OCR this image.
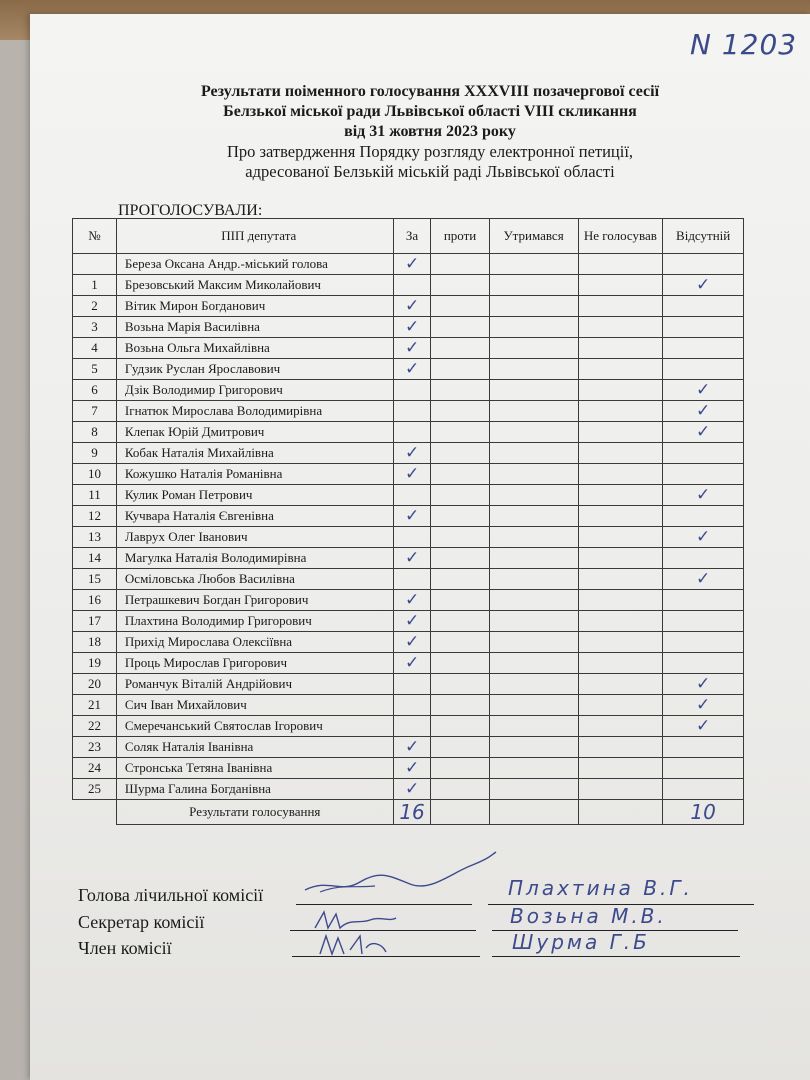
N 1203
Результати поіменного голосування XXXVIII позачергової сесії
Белзької міської ради Львівської області VIII скликання
від 31 жовтня 2023 року
Про затвердження Порядку розгляду електронної петиції,
адресованої Белзькій міській раді Львівської області
ПРОГОЛОСУВАЛИ:
№	ПІП депутата	За	проти	Утримався	Не голосував	Відсутній
	Береза Оксана Андр.-міський голова	✓				
1	Брезовський Максим Миколайович					✓
2	Вітик Мирон Богданович	✓				
3	Возьна Марія Василівна	✓				
4	Возьна Ольга Михайлівна	✓				
5	Гудзик Руслан Ярославович	✓				
6	Дзік Володимир Григорович					✓
7	Ігнатюк Мирослава Володимирівна					✓
8	Клепак Юрій Дмитрович					✓
9	Кобак Наталія Михайлівна	✓				
10	Кожушко Наталія Романівна	✓				
11	Кулик Роман Петрович					✓
12	Кучвара Наталія Євгенівна	✓				
13	Лаврух Олег Іванович					✓
14	Магулка Наталія Володимирівна	✓				
15	Осміловська Любов Василівна					✓
16	Петрашкевич Богдан Григорович	✓				
17	Плахтина Володимир Григорович	✓				
18	Прихід Мирослава Олексіївна	✓				
19	Проць Мирослав Григорович	✓				
20	Романчук Віталій Андрійович					✓
21	Сич Іван Михайлович					✓
22	Смеречанський Святослав Ігорович					✓
23	Соляк Наталія Іванівна	✓				
24	Стронська Тетяна Іванівна	✓				
25	Шурма Галина Богданівна	✓				
	Результати голосування	16				10
Голова лічильної комісії	Плахтина В.Г.
Секретар комісії	Возьна М.В.
Член комісії	Шурма Г.Б
